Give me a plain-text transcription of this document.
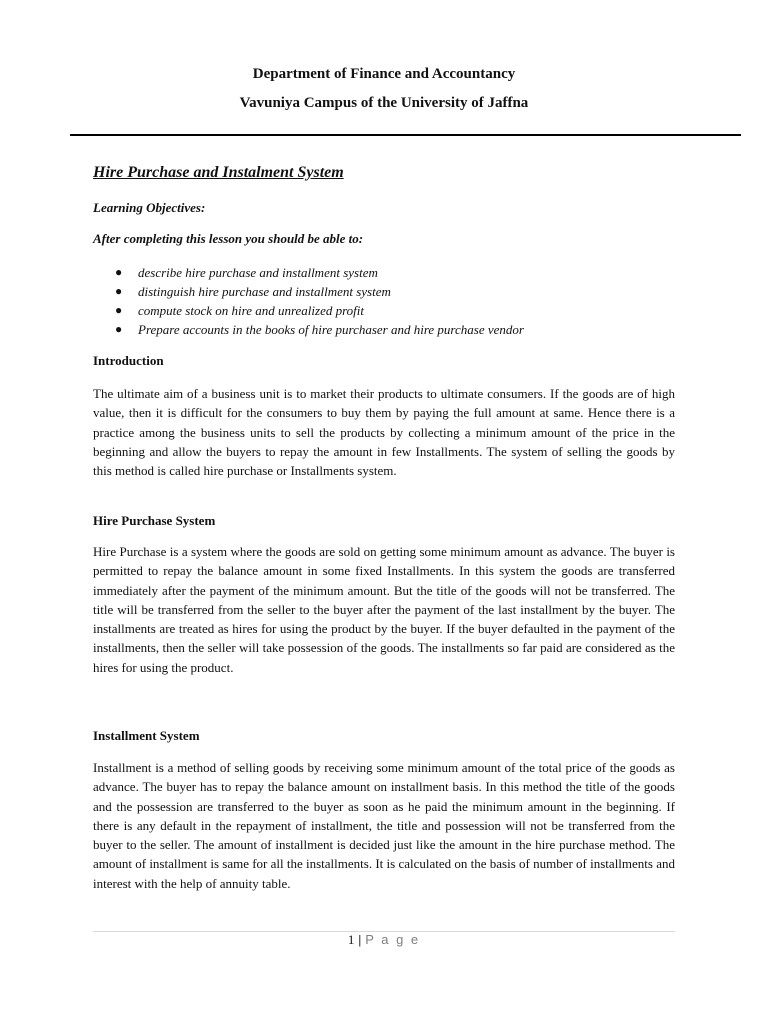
Department of Finance and Accountancy
Vavuniya Campus of the University of Jaffna
Hire Purchase and Instalment System
Learning Objectives:
After completing this lesson you should be able to:
● describe hire purchase and installment system
● distinguish hire purchase and installment system
● compute stock on hire and unrealized profit
● Prepare accounts in the books of hire purchaser and hire purchase vendor
Introduction
The ultimate aim of a business unit is to market their products to ultimate consumers. If the goods are of high value, then it is difficult for the consumers to buy them by paying the full amount at same. Hence there is a practice among the business units to sell the products by collecting a minimum amount of the price in the beginning and allow the buyers to repay the amount in few Installments. The system of selling the goods by this method is called hire purchase or Installments system.
Hire Purchase System
Hire Purchase is a system where the goods are sold on getting some minimum amount as advance. The buyer is permitted to repay the balance amount in some fixed Installments. In this system the goods are transferred immediately after the payment of the minimum amount. But the title of the goods will not be transferred. The title will be transferred from the seller to the buyer after the payment of the last installment by the buyer. The installments are treated as hires for using the product by the buyer. If the buyer defaulted in the payment of the installments, then the seller will take possession of the goods. The installments so far paid are considered as the hires for using the product.
Installment System
Installment is a method of selling goods by receiving some minimum amount of the total price of the goods as advance. The buyer has to repay the balance amount on installment basis. In this method the title of the goods and the possession are transferred to the buyer as soon as he paid the minimum amount in the beginning. If there is any default in the repayment of installment, the title and possession will not be transferred from the buyer to the seller. The amount of installment is decided just like the amount in the hire purchase method. The amount of installment is same for all the installments. It is calculated on the basis of number of installments and interest with the help of annuity table.
1 | P a g e
